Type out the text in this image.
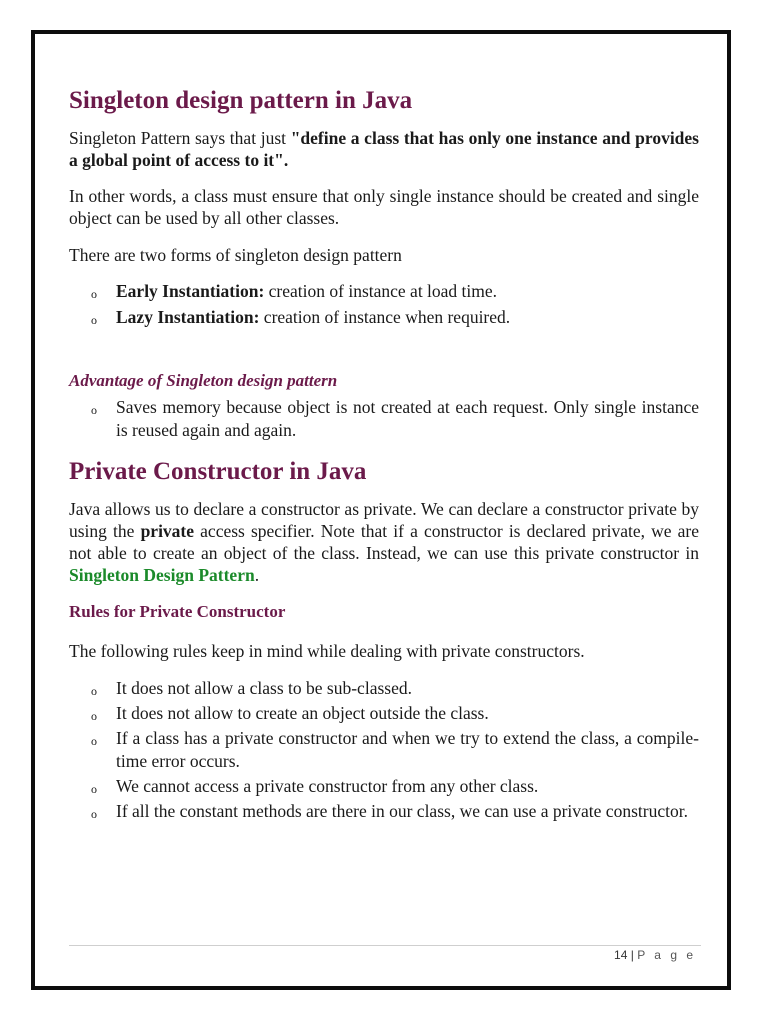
Singleton design pattern in Java

Singleton Pattern says that just "define a class that has only one instance and provides a global point of access to it".

In other words, a class must ensure that only single instance should be created and single object can be used by all other classes.

There are two forms of singleton design pattern

o Early Instantiation: creation of instance at load time.
o Lazy Instantiation: creation of instance when required.
Advantage of Singleton design pattern
o Saves memory because object is not created at each request. Only single instance is reused again and again.
Private Constructor in Java

Java allows us to declare a constructor as private. We can declare a constructor private by using the private access specifier. Note that if a constructor is declared private, we are not able to create an object of the class. Instead, we can use this private constructor in Singleton Design Pattern.

Rules for Private Constructor

The following rules keep in mind while dealing with private constructors.

o It does not allow a class to be sub-classed.
o It does not allow to create an object outside the class.
o If a class has a private constructor and when we try to extend the class, a compile-time error occurs.
o We cannot access a private constructor from any other class.
o If all the constant methods are there in our class, we can use a private constructor.
14 | P a g e
